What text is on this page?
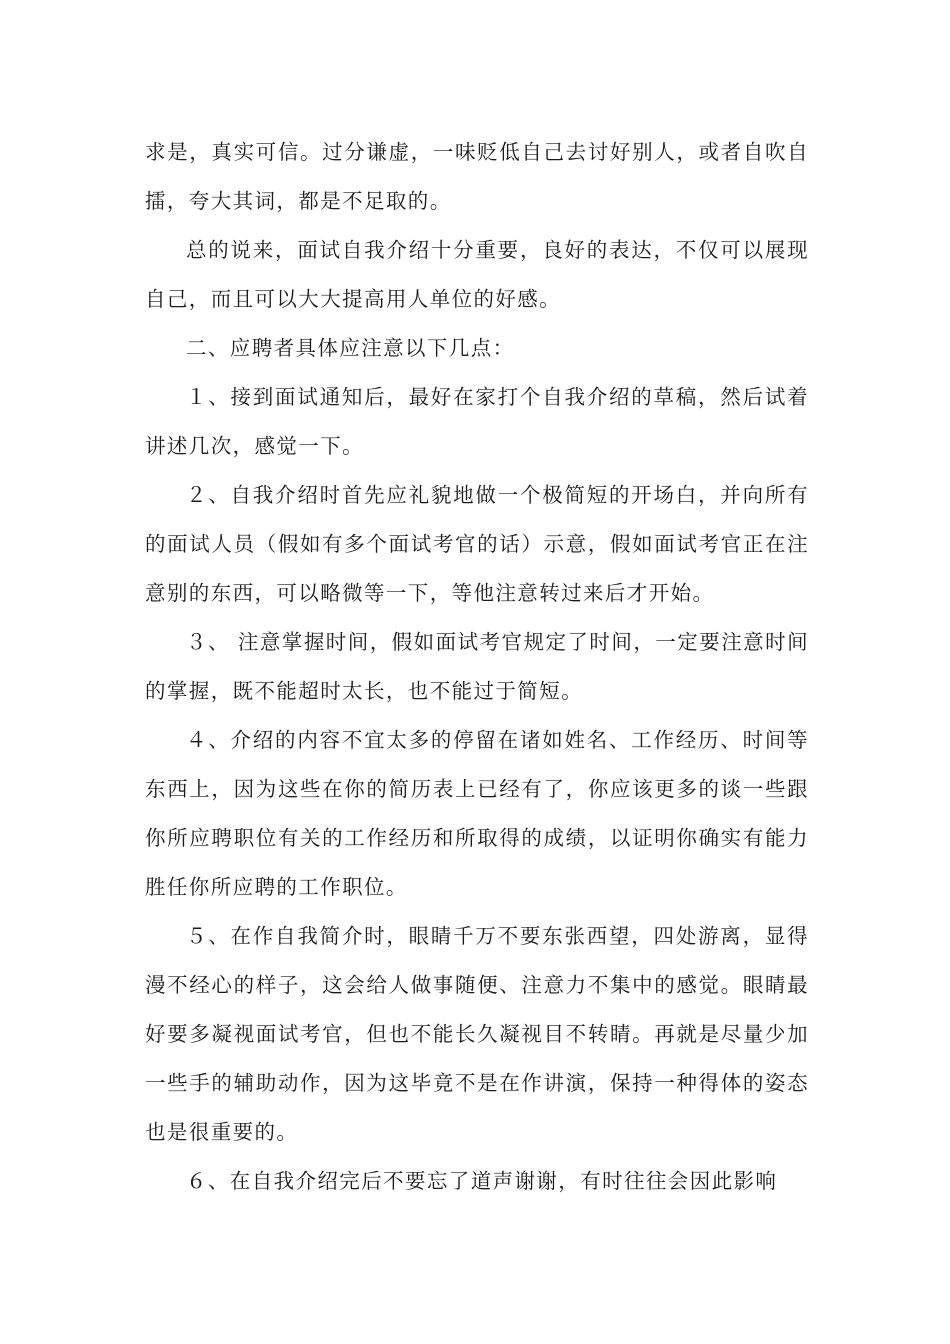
求是，真实可信。过分谦虚，一味贬低自己去讨好别人，或者自吹自擂，夸大其词，都是不足取的。

总的说来，面试自我介绍十分重要，良好的表达，不仅可以展现自己，而且可以大大提高用人单位的好感。

二、应聘者具体应注意以下几点：

１、接到面试通知后，最好在家打个自我介绍的草稿，然后试着讲述几次，感觉一下。

２、自我介绍时首先应礼貌地做一个极简短的开场白，并向所有的面试人员（假如有多个面试考官的话）示意，假如面试考官正在注意别的东西，可以略微等一下，等他注意转过来后才开始。

３、 注意掌握时间，假如面试考官规定了时间，一定要注意时间的掌握，既不能超时太长，也不能过于简短。

４、介绍的内容不宜太多的停留在诸如姓名、工作经历、时间等东西上，因为这些在你的简历表上已经有了，你应该更多的谈一些跟你所应聘职位有关的工作经历和所取得的成绩，以证明你确实有能力胜任你所应聘的工作职位。

５、在作自我简介时，眼睛千万不要东张西望，四处游离，显得漫不经心的样子，这会给人做事随便、注意力不集中的感觉。眼睛最好要多凝视面试考官，但也不能长久凝视目不转睛。再就是尽量少加一些手的辅助动作，因为这毕竟不是在作讲演，保持一种得体的姿态也是很重要的。

６、在自我介绍完后不要忘了道声谢谢，有时往往会因此影响
